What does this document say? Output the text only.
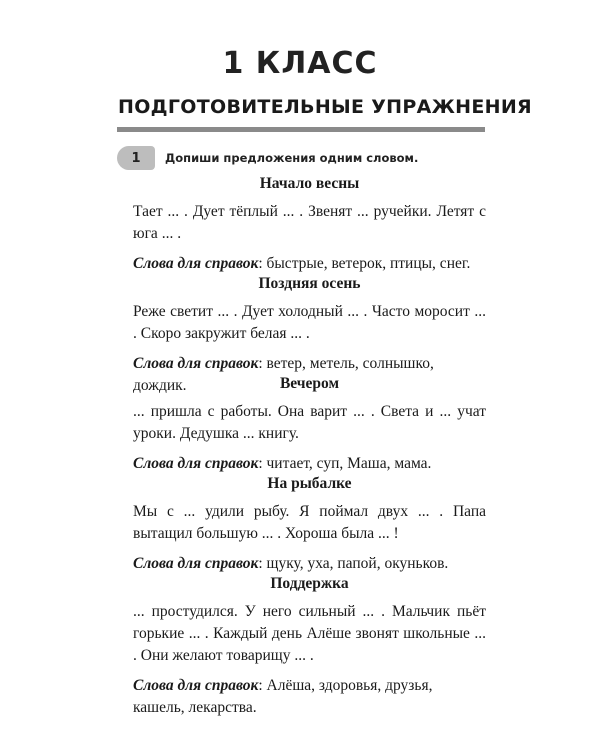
1 КЛАСС
ПОДГОТОВИТЕЛЬНЫЕ УПРАЖНЕНИЯ
1	Допиши предложения одним словом.
Начало весны
Тает ... . Дует тёплый ... . Звенят ... ручейки. Летят с юга ... .
Слова для справок: быстрые, ветерок, птицы, снег.
Поздняя осень
Реже светит ... . Дует холодный ... . Часто моросит ... . Скоро закружит белая ... .
Слова для справок: ветер, метель, солнышко, дождик.	Вечером
... пришла с работы. Она варит ... . Света и ... учат уроки. Дедушка ... книгу.
Слова для справок: читает, суп, Маша, мама.
На рыбалке
Мы с ... удили рыбу. Я поймал двух ... . Папа вытащил большую ... . Хороша была ... !
Слова для справок: щуку, уха, папой, окуньков.
Поддержка
... простудился. У него сильный ... . Мальчик пьёт горькие ... . Каждый день Алёше звонят школьные ... . Они желают товарищу ... .
Слова для справок: Алёша, здоровья, друзья, кашель, лекарства.
